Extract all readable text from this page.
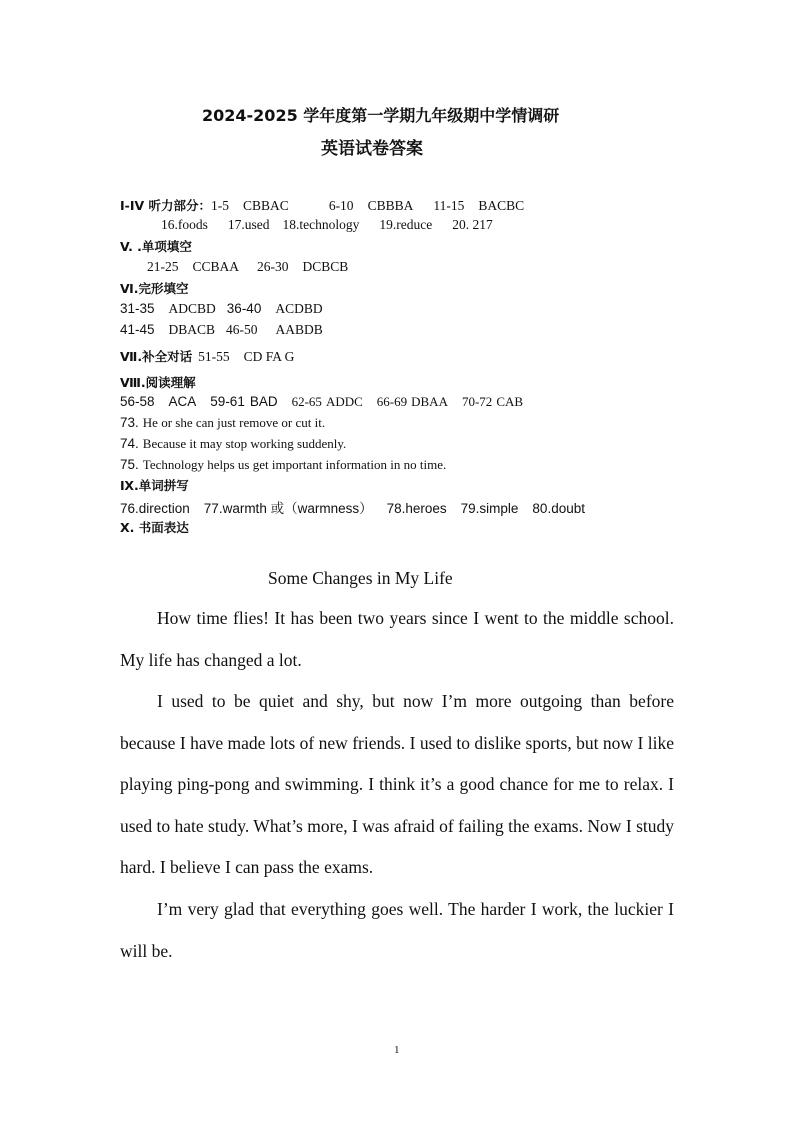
2024-2025 学年度第一学期九年级期中学情调研
英语试卷答案
I-IV 听力部分：1-5 CBBAC	6-10 CBBBA 11-15 BACBC
16.foods 17.used 18.technology 19.reduce 20. 217
V. .单项填空
21-25 CCBAA 26-30 DCBCB
Ⅵ.完形填空
31-35 ADCBD 36-40 ACDBD
41-45 DBACB 46-50 AABDB
Ⅶ.补全对话 51-55 CD FA G
Ⅷ.阅读理解
56-58 ACA 59-61 BAD 62-65 ADDC 66-69 DBAA 70-72 CAB
73. He or she can just remove or cut it.
74. Because it may stop working suddenly.
75. Technology helps us get important information in no time.
Ⅸ.单词拼写
76.direction 77.warmth 或（warmness） 78.heroes 79.simple 80.doubt
X. 书面表达
Some Changes in My Life

How time flies! It has been two years since I went to the middle school. My life has changed a lot.

I used to be quiet and shy, but now I’m more outgoing than before because I have made lots of new friends. I used to dislike sports, but now I like playing ping-pong and swimming. I think it’s a good chance for me to relax. I used to hate study. What’s more, I was afraid of failing the exams. Now I study hard. I believe I can pass the exams.

I’m very glad that everything goes well. The harder I work, the luckier I will be.

1
